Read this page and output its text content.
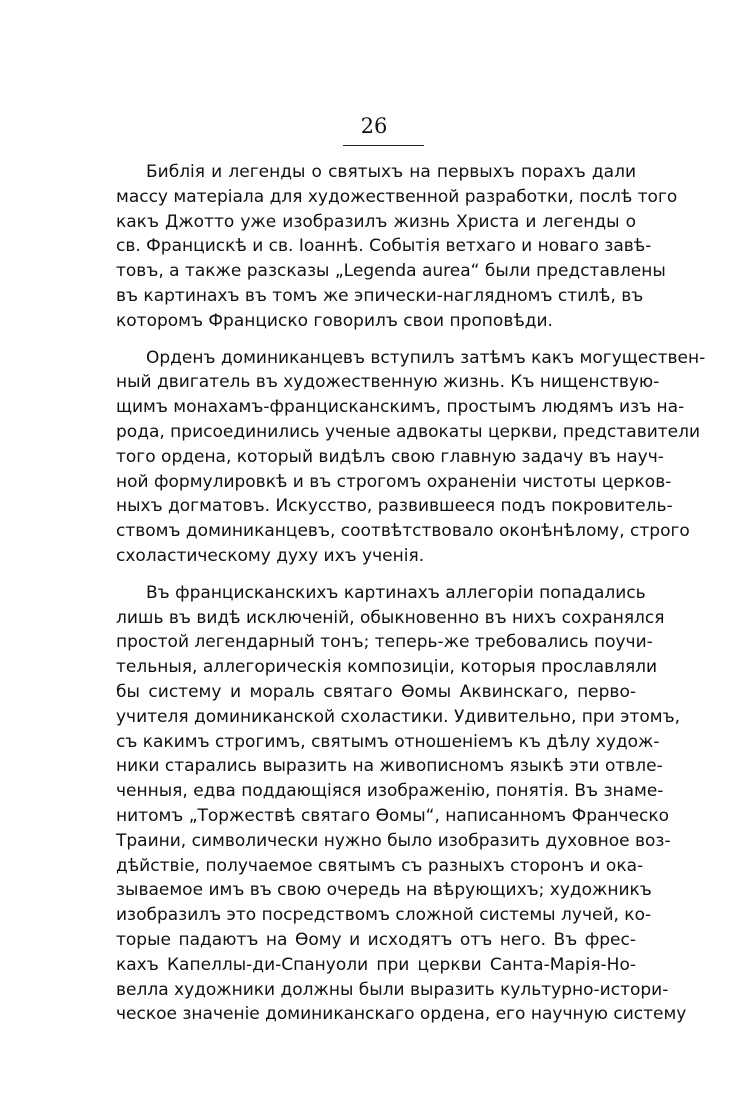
26
Библія и легенды о святыхъ на первыхъ порахъ дали
массу матеріала для художественной разработки, послѣ того
какъ Джотто уже изобразилъ жизнь Христа и легенды о
св. Францискѣ и св. Іоаннѣ. Событія ветхаго и новаго завѣ-
товъ, а также разсказы „Legenda aurea“ были представлены
въ картинахъ въ томъ же эпически-наглядномъ стилѣ, въ
которомъ Франциско говорилъ свои проповѣди.
Орденъ доминиканцевъ вступилъ затѣмъ какъ могуществен-
ный двигатель въ художественную жизнь. Къ нищенствую-
щимъ монахамъ-францисканскимъ, простымъ людямъ изъ на-
рода, присоединились ученые адвокаты церкви, представители
того ордена, который видѣлъ свою главную задачу въ науч-
ной формулировкѣ и въ строгомъ охраненіи чистоты церков-
ныхъ догматовъ. Искусство, развившееся подъ покровитель-
ствомъ доминиканцевъ, соотвѣтствовало оконѣнѣлому, строго
схоластическому духу ихъ ученія.
Въ францисканскихъ картинахъ аллегоріи попадались
лишь въ видѣ исключеній, обыкновенно въ нихъ сохранялся
простой легендарный тонъ; теперь-же требовались поучи-
тельныя, аллегорическія композиціи, которыя прославляли
бы систему и мораль святаго Ѳомы Аквинскаго, перво-
учителя доминиканской схоластики. Удивительно, при этомъ,
съ какимъ строгимъ, святымъ отношеніемъ къ дѣлу худож-
ники старались выразить на живописномъ языкѣ эти отвле-
ченныя, едва поддающіяся изображенію, понятія. Въ знаме-
нитомъ „Торжествѣ святаго Ѳомы“, написанномъ Франческо
Траини, символически нужно было изобразить духовное воз-
дѣйствіе, получаемое святымъ съ разныхъ сторонъ и ока-
зываемое имъ въ свою очередь на вѣрующихъ; художникъ
изобразилъ это посредствомъ сложной системы лучей, ко-
торые падаютъ на Ѳому и исходятъ отъ него. Въ фрес-
кахъ Капеллы-ди-Спануоли при церкви Санта-Марія-Но-
велла художники должны были выразить культурно-истори-
ческое значеніе доминиканскаго ордена, его научную систему
